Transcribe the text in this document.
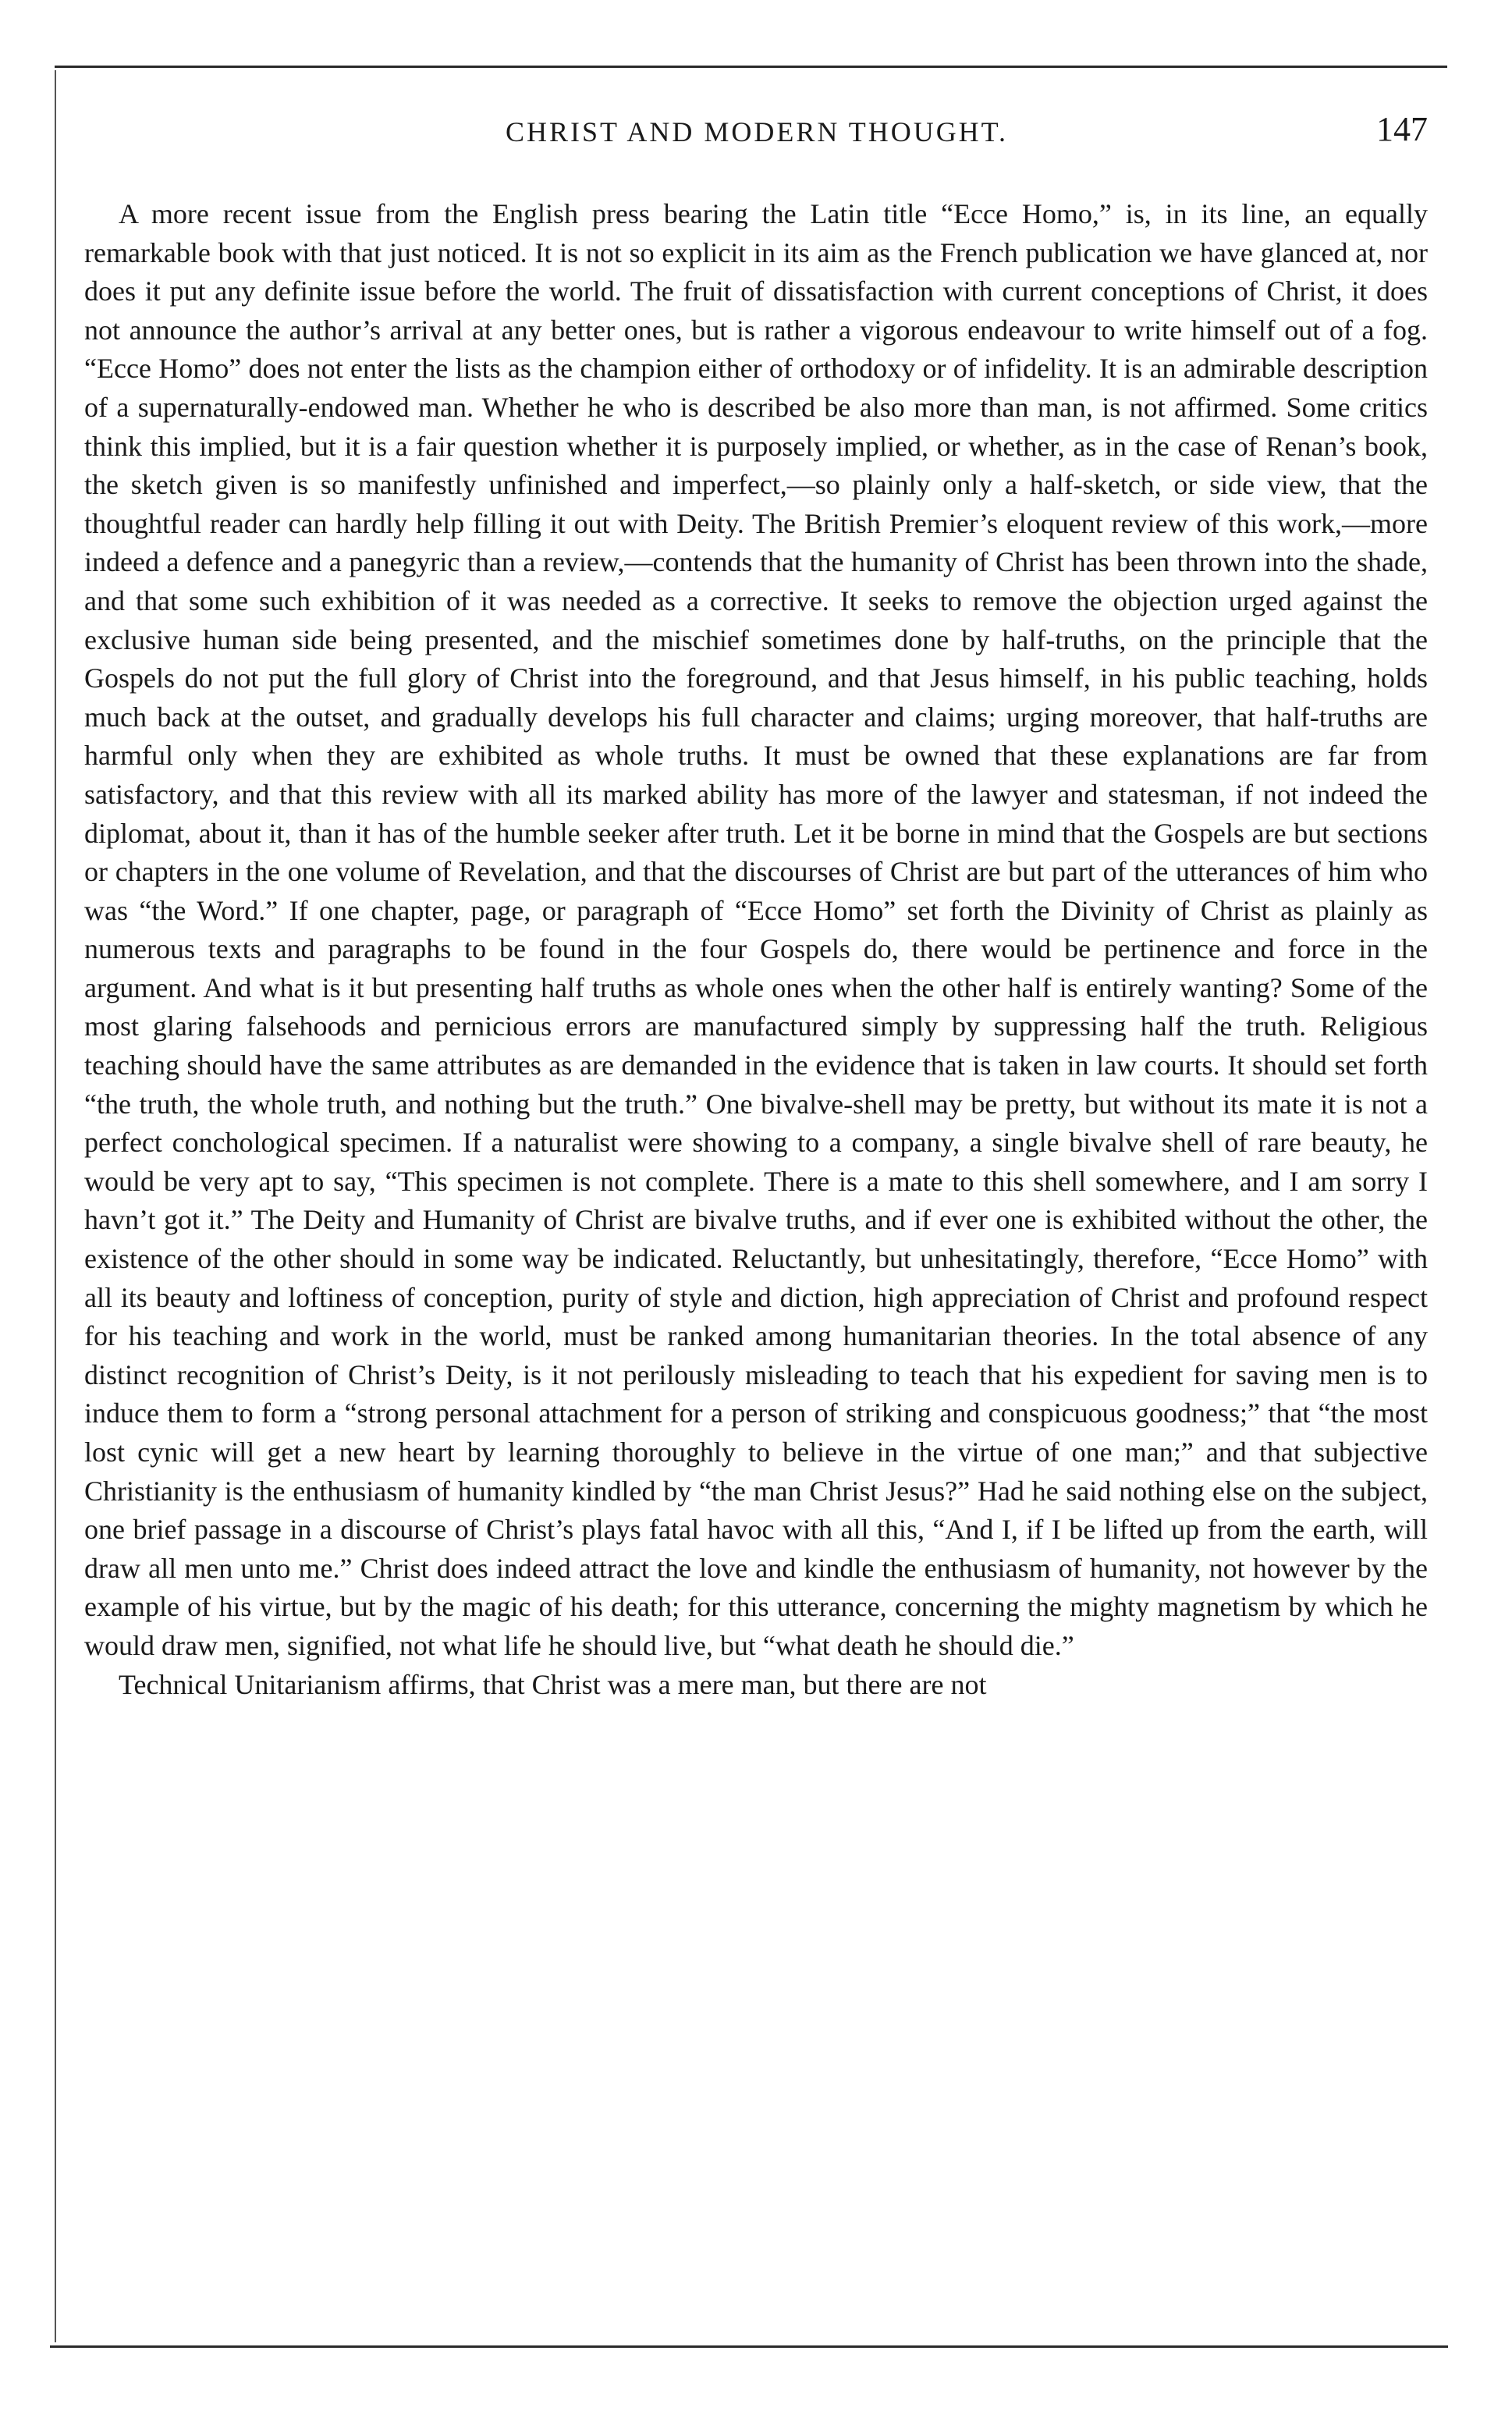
CHRIST AND MODERN THOUGHT.	147

A more recent issue from the English press bearing the Latin title “Ecce Homo,” is, in its line, an equally remarkable book with that just noticed. It is not so explicit in its aim as the French publication we have glanced at, nor does it put any definite issue before the world. The fruit of dissatisfaction with current conceptions of Christ, it does not announce the author’s arrival at any better ones, but is rather a vigorous endeavour to write himself out of a fog. “Ecce Homo” does not enter the lists as the champion either of orthodoxy or of infidelity. It is an admirable description of a supernaturally-endowed man. Whether he who is described be also more than man, is not affirmed. Some critics think this implied, but it is a fair question whether it is purposely implied, or whether, as in the case of Renan’s book, the sketch given is so manifestly unfinished and imperfect,—so plainly only a half-sketch, or side view, that the thoughtful reader can hardly help filling it out with Deity. The British Premier’s eloquent review of this work,—more indeed a defence and a panegyric than a review,—contends that the humanity of Christ has been thrown into the shade, and that some such exhibition of it was needed as a corrective. It seeks to remove the objection urged against the exclusive human side being presented, and the mischief sometimes done by half-truths, on the principle that the Gospels do not put the full glory of Christ into the foreground, and that Jesus himself, in his public teaching, holds much back at the outset, and gradually develops his full character and claims; urging moreover, that half-truths are harmful only when they are exhibited as whole truths. It must be owned that these explanations are far from satisfactory, and that this review with all its marked ability has more of the lawyer and statesman, if not indeed the diplomat, about it, than it has of the humble seeker after truth. Let it be borne in mind that the Gospels are but sections or chapters in the one volume of Revelation, and that the discourses of Christ are but part of the utterances of him who was “the Word.” If one chapter, page, or paragraph of “Ecce Homo” set forth the Divinity of Christ as plainly as numerous texts and paragraphs to be found in the four Gospels do, there would be pertinence and force in the argument. And what is it but presenting half truths as whole ones when the other half is entirely wanting? Some of the most glaring falsehoods and pernicious errors are manufactured simply by suppressing half the truth. Religious teaching should have the same attributes as are demanded in the evidence that is taken in law courts. It should set forth “the truth, the whole truth, and nothing but the truth.” One bivalve-shell may be pretty, but without its mate it is not a perfect conchological specimen. If a naturalist were showing to a company, a single bivalve shell of rare beauty, he would be very apt to say, “This specimen is not complete. There is a mate to this shell somewhere, and I am sorry I havn’t got it.” The Deity and Humanity of Christ are bivalve truths, and if ever one is exhibited without the other, the existence of the other should in some way be indicated. Reluctantly, but unhesitatingly, therefore, “Ecce Homo” with all its beauty and loftiness of conception, purity of style and diction, high appreciation of Christ and profound respect for his teaching and work in the world, must be ranked among humanitarian theories. In the total absence of any distinct recognition of Christ’s Deity, is it not perilously misleading to teach that his expedient for saving men is to induce them to form a “strong personal attachment for a person of striking and conspicuous goodness;” that “the most lost cynic will get a new heart by learning thoroughly to believe in the virtue of one man;” and that subjective Christianity is the enthusiasm of humanity kindled by “the man Christ Jesus?” Had he said nothing else on the subject, one brief passage in a discourse of Christ’s plays fatal havoc with all this, “And I, if I be lifted up from the earth, will draw all men unto me.” Christ does indeed attract the love and kindle the enthusiasm of humanity, not however by the example of his virtue, but by the magic of his death; for this utterance, concerning the mighty magnetism by which he would draw men, signified, not what life he should live, but “what death he should die.”

Technical Unitarianism affirms, that Christ was a mere man, but there are not
